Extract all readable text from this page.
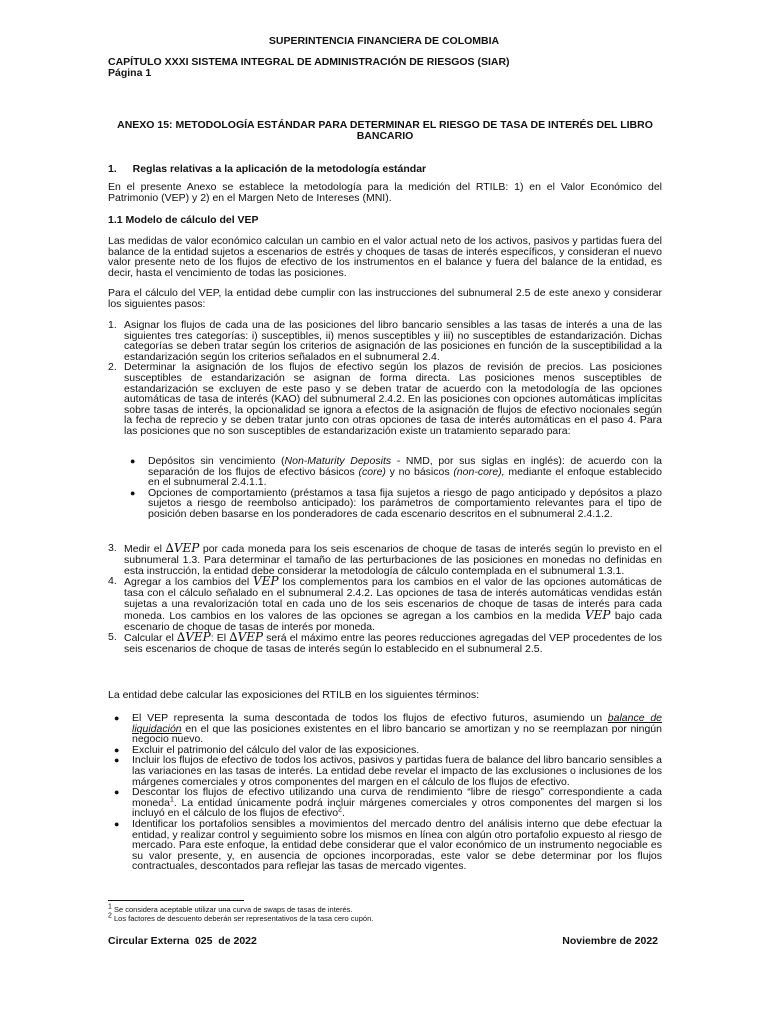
SUPERINTENCIA FINANCIERA DE COLOMBIA
CAPÍTULO XXXI SISTEMA INTEGRAL DE ADMINISTRACIÓN DE RIESGOS (SIAR)
Página 1
ANEXO 15: METODOLOGÍA ESTÁNDAR PARA DETERMINAR EL RIESGO DE TASA DE INTERÉS DEL LIBRO BANCARIO
1. Reglas relativas a la aplicación de la metodología estándar
En el presente Anexo se establece la metodología para la medición del RTILB: 1) en el Valor Económico del Patrimonio (VEP) y 2) en el Margen Neto de Intereses (MNI).
1.1 Modelo de cálculo del VEP
Las medidas de valor económico calculan un cambio en el valor actual neto de los activos, pasivos y partidas fuera del balance de la entidad sujetos a escenarios de estrés y choques de tasas de interés específicos, y consideran el nuevo valor presente neto de los flujos de efectivo de los instrumentos en el balance y fuera del balance de la entidad, es decir, hasta el vencimiento de todas las posiciones.
Para el cálculo del VEP, la entidad debe cumplir con las instrucciones del subnumeral 2.5 de este anexo y considerar los siguientes pasos:
1. Asignar los flujos de cada una de las posiciones del libro bancario sensibles a las tasas de interés a una de las siguientes tres categorías: i) susceptibles, ii) menos susceptibles y iii) no susceptibles de estandarización. Dichas categorías se deben tratar según los criterios de asignación de las posiciones en función de la susceptibilidad a la estandarización según los criterios señalados en el subnumeral 2.4.
2. Determinar la asignación de los flujos de efectivo según los plazos de revisión de precios. Las posiciones susceptibles de estandarización se asignan de forma directa. Las posiciones menos susceptibles de estandarización se excluyen de este paso y se deben tratar de acuerdo con la metodología de las opciones automáticas de tasa de interés (KAO) del subnumeral 2.4.2. En las posiciones con opciones automáticas implícitas sobre tasas de interés, la opcionalidad se ignora a efectos de la asignación de flujos de efectivo nocionales según la fecha de reprecio y se deben tratar junto con otras opciones de tasa de interés automáticas en el paso 4. Para las posiciones que no son susceptibles de estandarización existe un tratamiento separado para:
● Depósitos sin vencimiento (Non-Maturity Deposits - NMD, por sus siglas en inglés): de acuerdo con la separación de los flujos de efectivo básicos (core) y no básicos (non-core), mediante el enfoque establecido en el subnumeral 2.4.1.1.
● Opciones de comportamiento (préstamos a tasa fija sujetos a riesgo de pago anticipado y depósitos a plazo sujetos a riesgo de reembolso anticipado): los parámetros de comportamiento relevantes para el tipo de posición deben basarse en los ponderadores de cada escenario descritos en el subnumeral 2.4.1.2.
3. Medir el ∆VEP por cada moneda para los seis escenarios de choque de tasas de interés según lo previsto en el subnumeral 1.3. Para determinar el tamaño de las perturbaciones de las posiciones en monedas no definidas en esta instrucción, la entidad debe considerar la metodología de cálculo contemplada en el subnumeral 1.3.1.
4. Agregar a los cambios del VEP los complementos para los cambios en el valor de las opciones automáticas de tasa con el cálculo señalado en el subnumeral 2.4.2. Las opciones de tasa de interés automáticas vendidas están sujetas a una revalorización total en cada uno de los seis escenarios de choque de tasas de interés para cada moneda. Los cambios en los valores de las opciones se agregan a los cambios en la medida VEP bajo cada escenario de choque de tasas de interés por moneda.
5. Calcular el ∆VEP: El ∆VEP será el máximo entre las peores reducciones agregadas del VEP procedentes de los seis escenarios de choque de tasas de interés según lo establecido en el subnumeral 2.5.
La entidad debe calcular las exposiciones del RTILB en los siguientes términos:
● El VEP representa la suma descontada de todos los flujos de efectivo futuros, asumiendo un balance de liquidación en el que las posiciones existentes en el libro bancario se amortizan y no se reemplazan por ningún negocio nuevo.
● Excluir el patrimonio del cálculo del valor de las exposiciones.
● Incluir los flujos de efectivo de todos los activos, pasivos y partidas fuera de balance del libro bancario sensibles a las variaciones en las tasas de interés. La entidad debe revelar el impacto de las exclusiones o inclusiones de los márgenes comerciales y otros componentes del margen en el cálculo de los flujos de efectivo.
● Descontar los flujos de efectivo utilizando una curva de rendimiento “libre de riesgo” correspondiente a cada moneda$^1$. La entidad únicamente podrá incluir márgenes comerciales y otros componentes del margen si los incluyó en el cálculo de los flujos de efectivo$^2$.
● Identificar los portafolios sensibles a movimientos del mercado dentro del análisis interno que debe efectuar la entidad, y realizar control y seguimiento sobre los mismos en línea con algún otro portafolio expuesto al riesgo de mercado. Para este enfoque, la entidad debe considerar que el valor económico de un instrumento negociable es su valor presente, y, en ausencia de opciones incorporadas, este valor se debe determinar por los flujos contractuales, descontados para reflejar las tasas de mercado vigentes.
$^1$ Se considera aceptable utilizar una curva de swaps de tasas de interés.
$^2$ Los factores de descuento deberán ser representativos de la tasa cero cupón.
Circular Externa  025  de 2022	Noviembre de 2022
